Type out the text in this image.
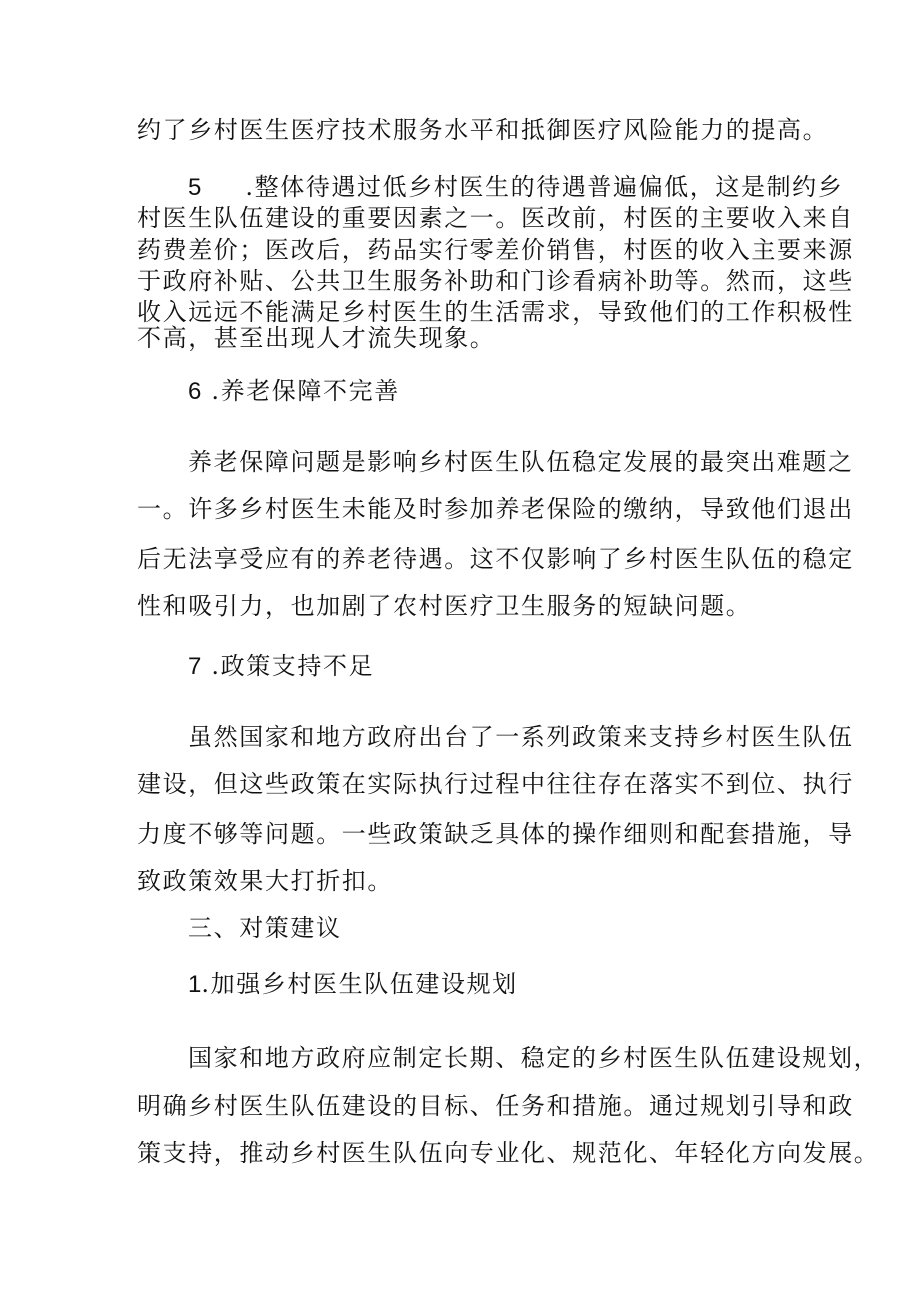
约了乡村医生医疗技术服务水平和抵御医疗风险能力的提高。
5 .整体待遇过低乡村医生的待遇普遍偏低，这是制约乡
村医生队伍建设的重要因素之一。医改前，村医的主要收入来自
药费差价；医改后，药品实行零差价销售，村医的收入主要来源
于政府补贴、公共卫生服务补助和门诊看病补助等。然而，这些
收入远远不能满足乡村医生的生活需求，导致他们的工作积极性
不高，甚至出现人才流失现象。
6 .养老保障不完善
养老保障问题是影响乡村医生队伍稳定发展的最突出难题之
一。许多乡村医生未能及时参加养老保险的缴纳，导致他们退出
后无法享受应有的养老待遇。这不仅影响了乡村医生队伍的稳定
性和吸引力，也加剧了农村医疗卫生服务的短缺问题。
7 .政策支持不足
虽然国家和地方政府出台了一系列政策来支持乡村医生队伍
建设，但这些政策在实际执行过程中往往存在落实不到位、执行
力度不够等问题。一些政策缺乏具体的操作细则和配套措施，导
致政策效果大打折扣。
三、对策建议
1.加强乡村医生队伍建设规划
国家和地方政府应制定长期、稳定的乡村医生队伍建设规划，
明确乡村医生队伍建设的目标、任务和措施。通过规划引导和政
策支持，推动乡村医生队伍向专业化、规范化、年轻化方向发展。
